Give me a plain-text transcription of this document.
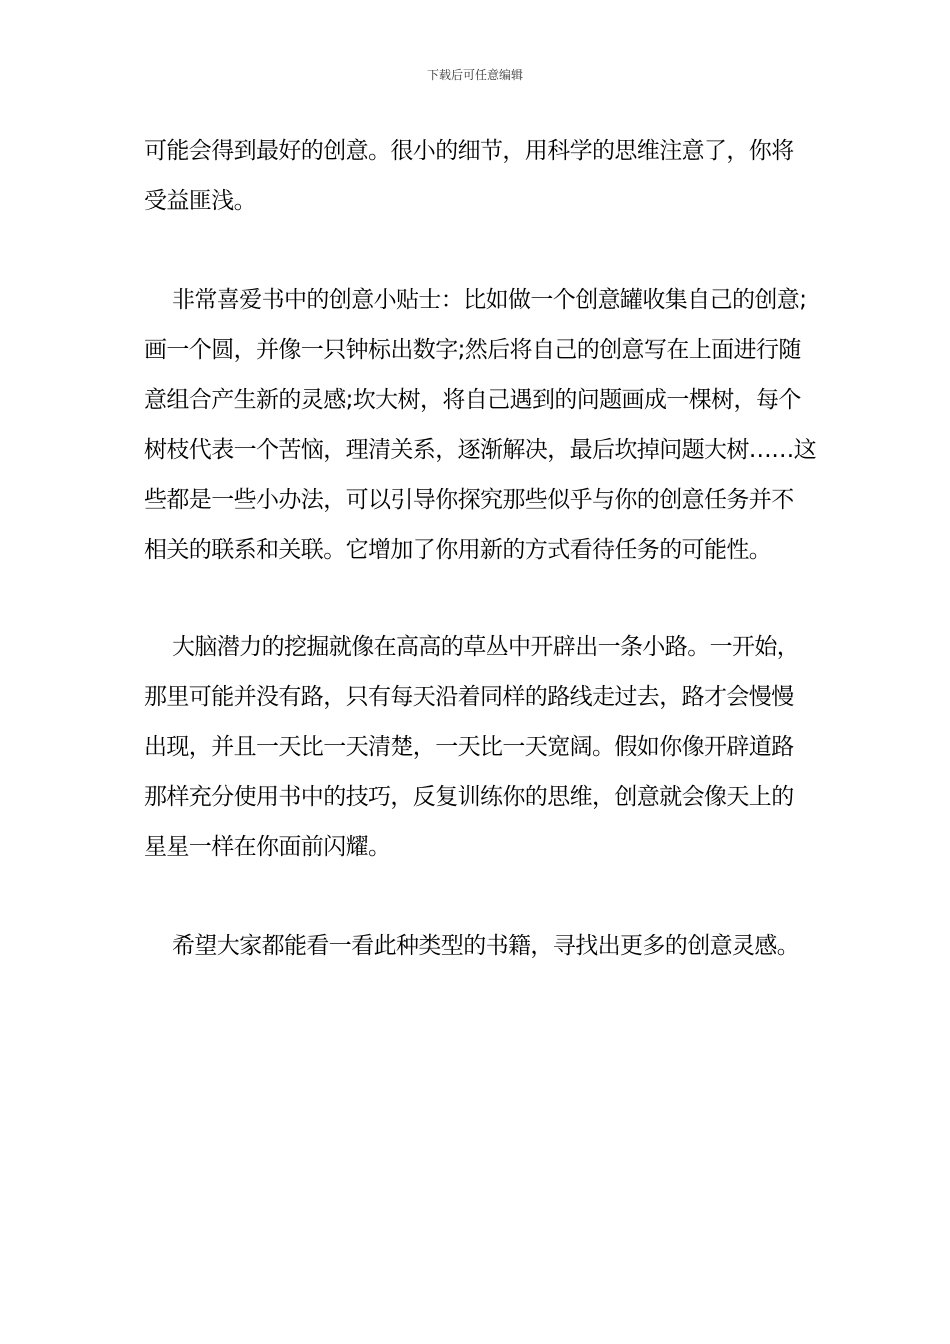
下载后可任意编辑
可能会得到最好的创意。很小的细节，用科学的思维注意了，你将
受益匪浅。
非常喜爱书中的创意小贴士：比如做一个创意罐收集自己的创意;
画一个圆，并像一只钟标出数字;然后将自己的创意写在上面进行随
意组合产生新的灵感;坎大树，将自己遇到的问题画成一棵树，每个
树枝代表一个苦恼，理清关系，逐渐解决，最后坎掉问题大树……这
些都是一些小办法，可以引导你探究那些似乎与你的创意任务并不
相关的联系和关联。它增加了你用新的方式看待任务的可能性。
大脑潜力的挖掘就像在高高的草丛中开辟出一条小路。一开始，
那里可能并没有路，只有每天沿着同样的路线走过去，路才会慢慢
出现，并且一天比一天清楚，一天比一天宽阔。假如你像开辟道路
那样充分使用书中的技巧，反复训练你的思维，创意就会像天上的
星星一样在你面前闪耀。
希望大家都能看一看此种类型的书籍，寻找出更多的创意灵感。
